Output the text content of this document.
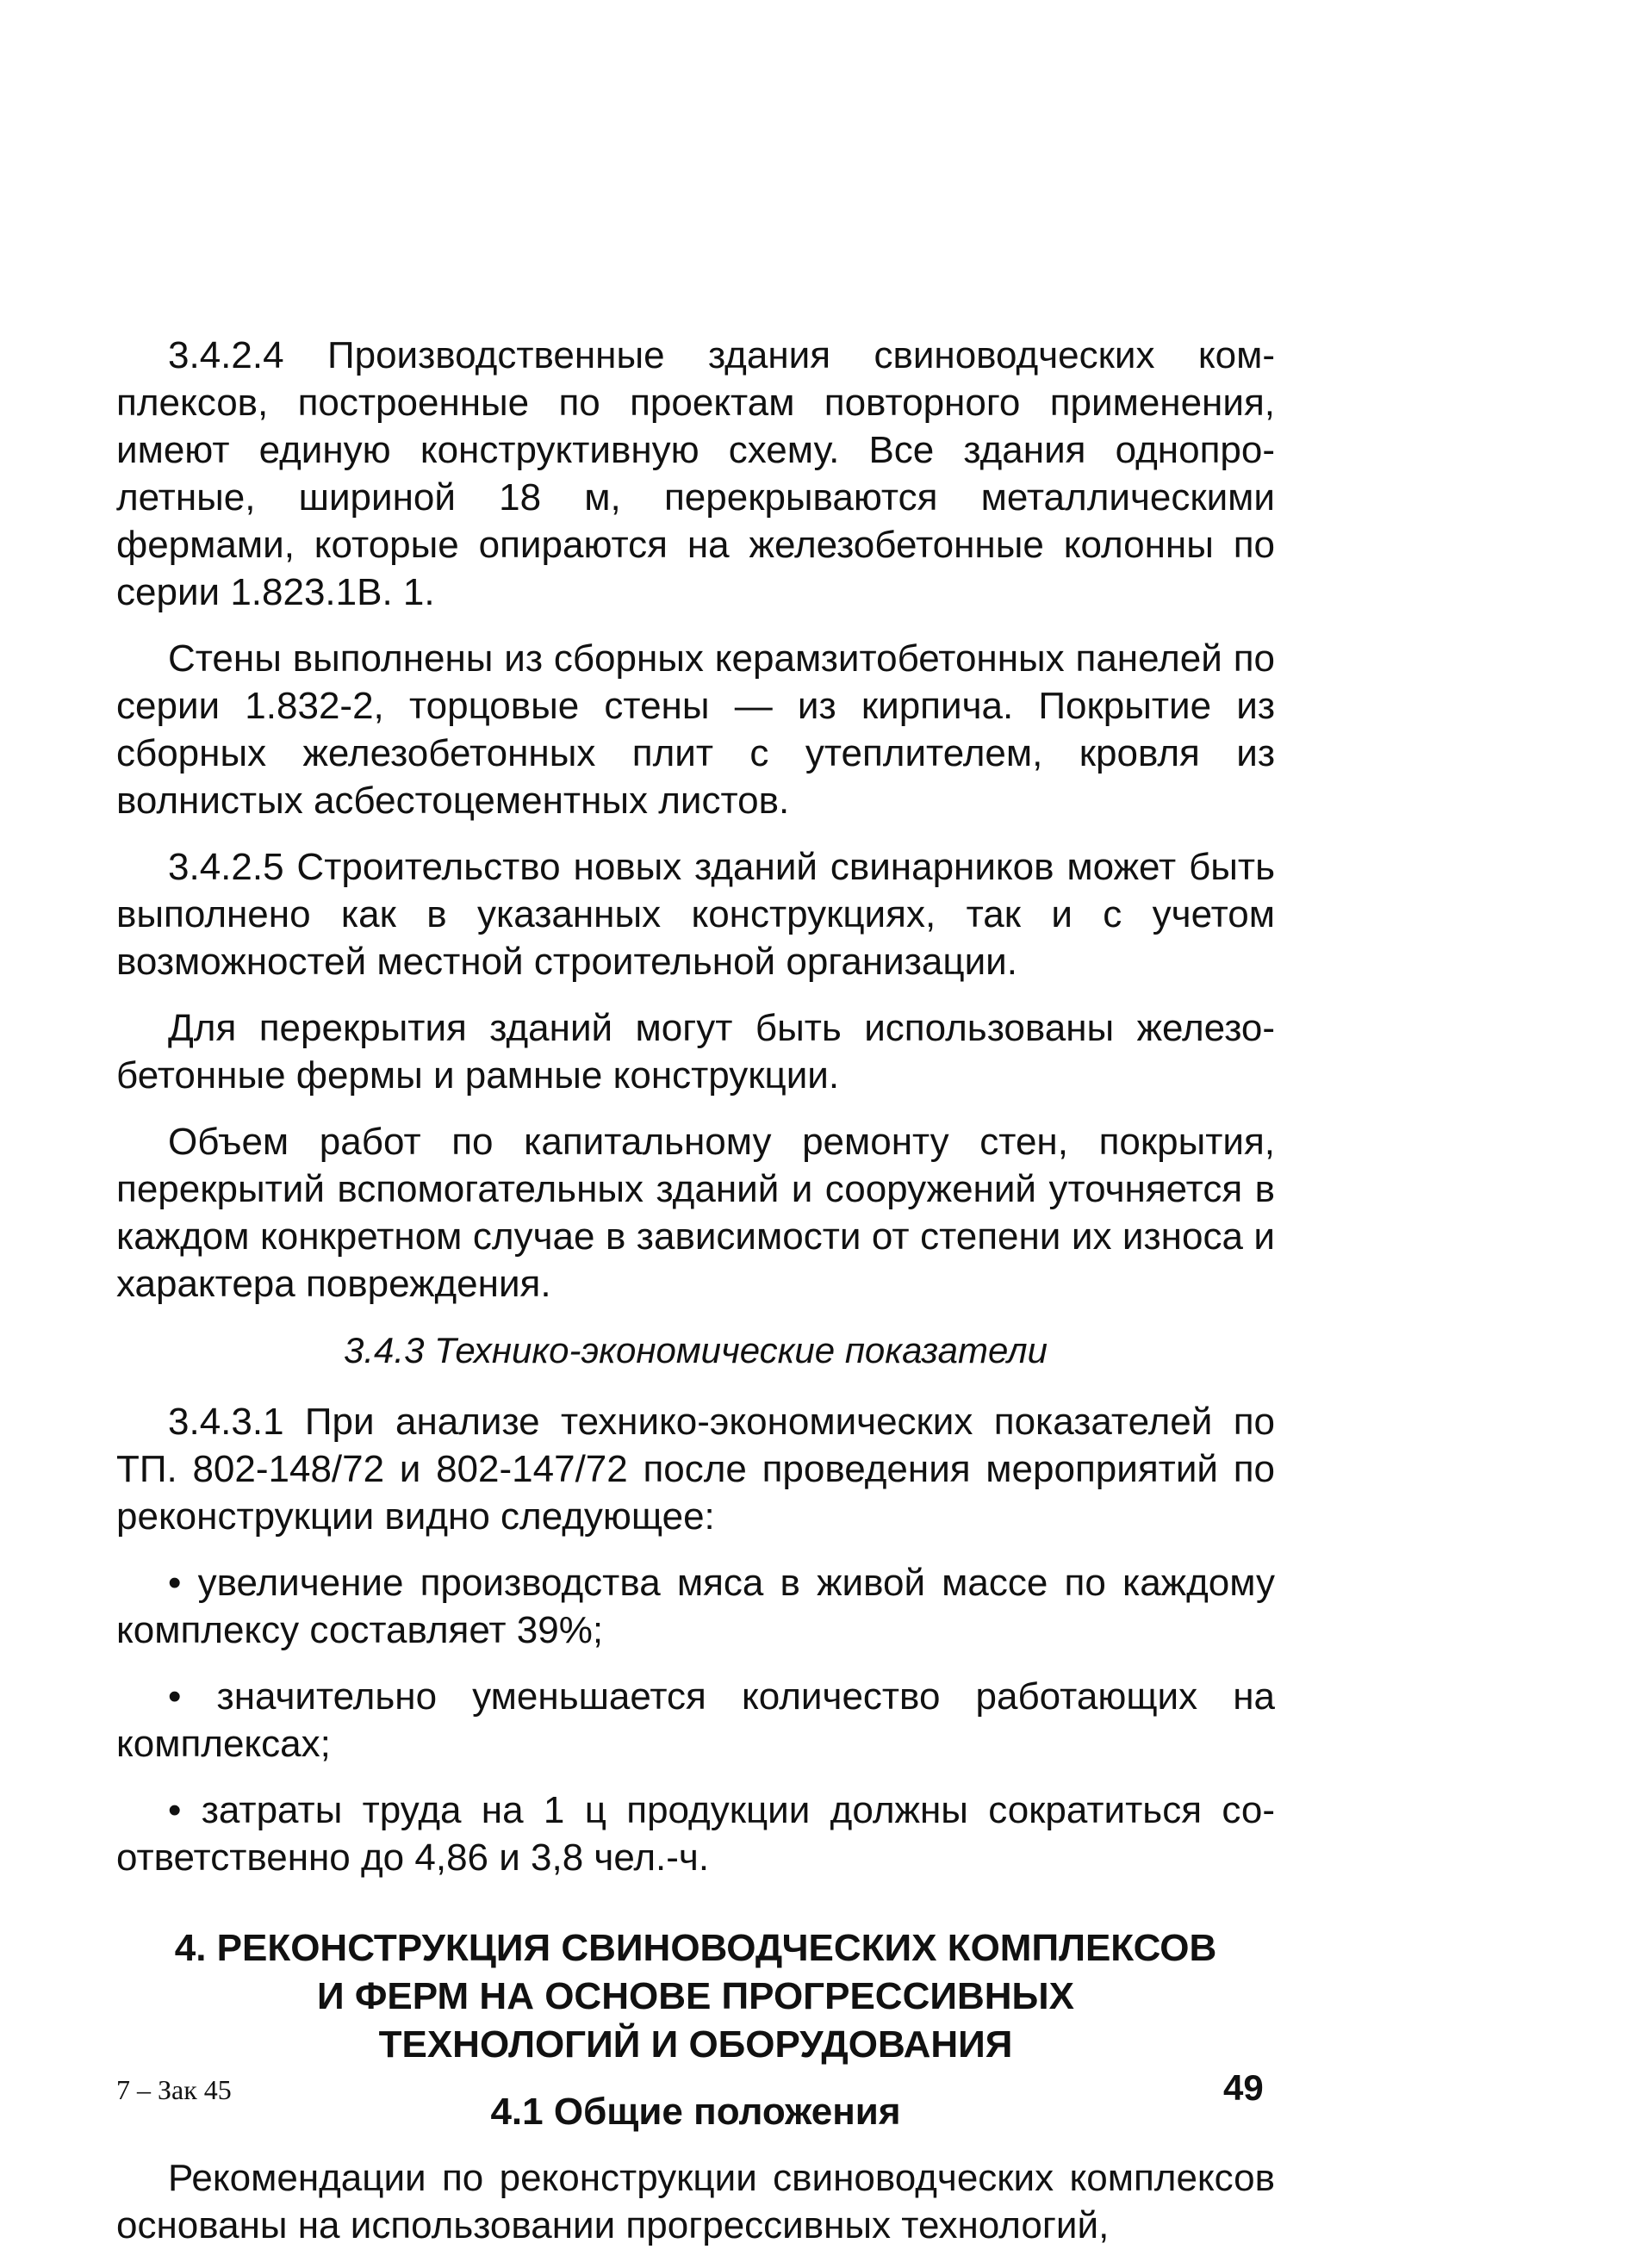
3.4.2.4 Производственные здания свиноводческих комплексов, построенные по проектам повторного применения, имеют единую конструктивную схему. Все здания однопролетные, шириной 18 м, перекрываются металлическими фермами, которые опираются на железобетонные колонны по серии 1.823.1В. 1.

Стены выполнены из сборных керамзитобетонных панелей по серии 1.832-2, торцовые стены — из кирпича. Покрытие из сборных железобетонных плит с утеплителем, кровля из волнистых асбестоцементных листов.

3.4.2.5 Строительство новых зданий свинарников может быть выполнено как в указанных конструкциях, так и с учетом возможностей местной строительной организации.

Для перекрытия зданий могут быть использованы железобетонные фермы и рамные конструкции.

Объем работ по капитальному ремонту стен, покрытия, перекрытий вспомогательных зданий и сооружений уточняется в каждом конкретном случае в зависимости от степени их износа и характера повреждения.

3.4.3 Технико-экономические показатели

3.4.3.1 При анализе технико-экономических показателей по ТП. 802-148/72 и 802-147/72 после проведения мероприятий по реконструкции видно следующее:

• увеличение производства мяса в живой массе по каждому комплексу составляет 39%;

• значительно уменьшается количество работающих на комплексах;

• затраты труда на 1 ц продукции должны сократиться соответственно до 4,86 и 3,8 чел.-ч.

4. РЕКОНСТРУКЦИЯ СВИНОВОДЧЕСКИХ КОМПЛЕКСОВ
И ФЕРМ НА ОСНОВЕ ПРОГРЕССИВНЫХ
ТЕХНОЛОГИЙ И ОБОРУДОВАНИЯ
4.1 Общие положения

Рекомендации по реконструкции свиноводческих комплексов основаны на использовании прогрессивных технологий,

7 – Зак 45	49
